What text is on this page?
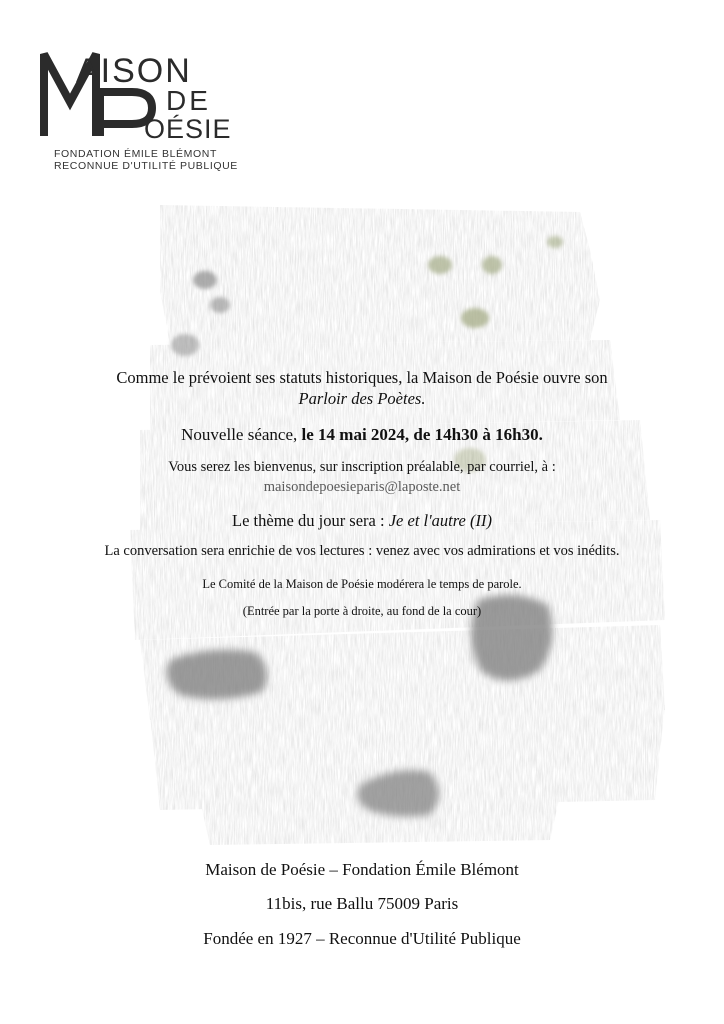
AISON
DE
OÉSIE
FONDATION ÉMILE BLÉMONT
RECONNUE D'UTILITÉ PUBLIQUE
Comme le prévoient ses statuts historiques, la Maison de Poésie ouvre son
Parloir des Poètes.
Nouvelle séance, le 14 mai 2024, de 14h30 à 16h30.
Vous serez les bienvenus, sur inscription préalable, par courriel, à :
maisondepoesieparis@laposte.net
Le thème du jour sera : Je et l'autre (II)
La conversation sera enrichie de vos lectures : venez avec vos admirations et vos inédits.
Le Comité de la Maison de Poésie modérera le temps de parole.
(Entrée par la porte à droite, au fond de la cour)
Maison de Poésie – Fondation Émile Blémont
11bis, rue Ballu 75009 Paris
Fondée en 1927 – Reconnue d'Utilité Publique
